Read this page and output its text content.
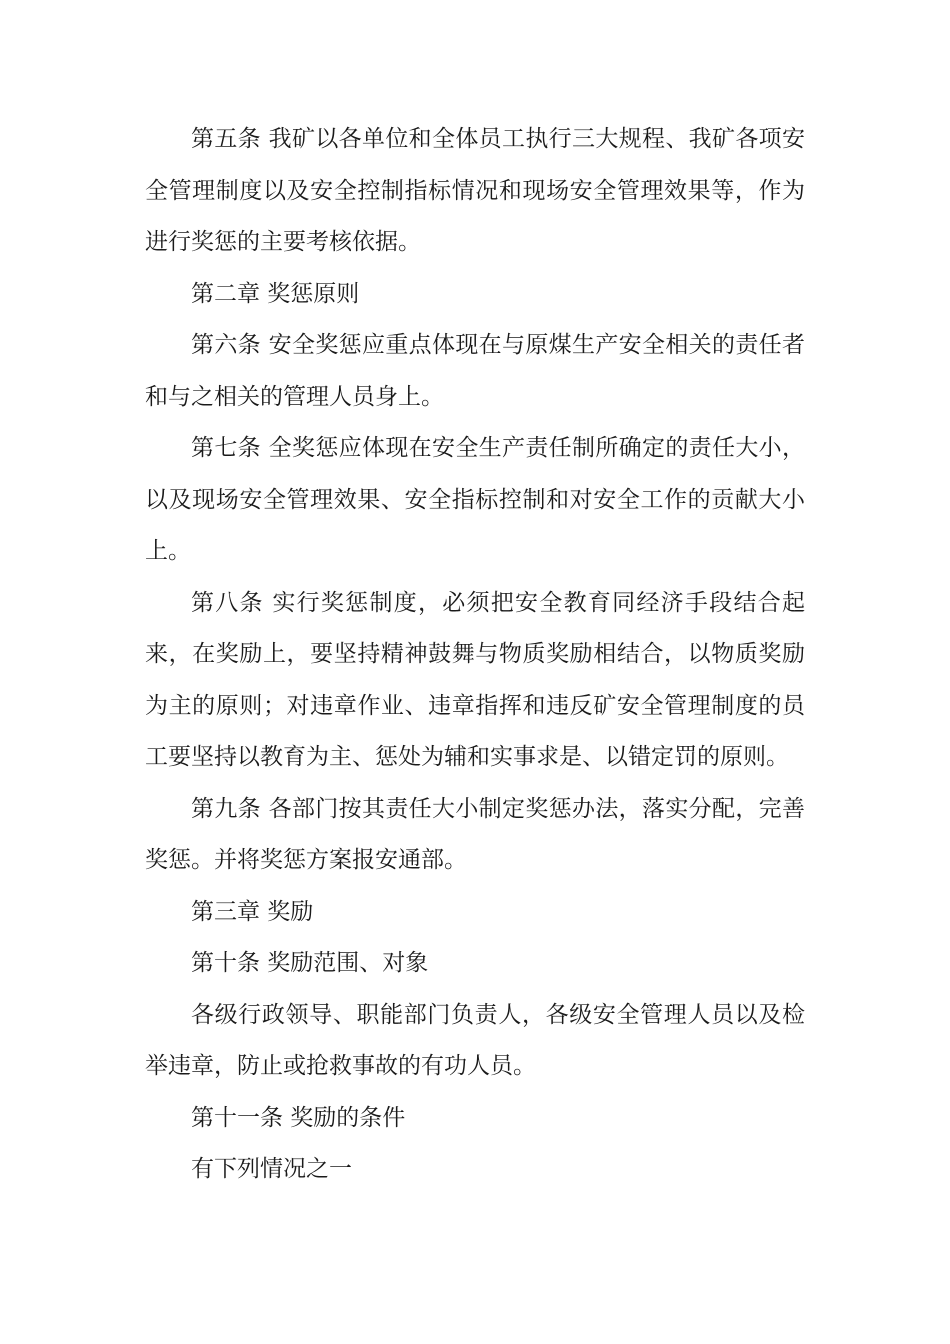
第五条 我矿以各单位和全体员工执行三大规程、我矿各项安全管理制度以及安全控制指标情况和现场安全管理效果等，作为进行奖惩的主要考核依据。

第二章 奖惩原则

第六条 安全奖惩应重点体现在与原煤生产安全相关的责任者和与之相关的管理人员身上。

第七条 全奖惩应体现在安全生产责任制所确定的责任大小，以及现场安全管理效果、安全指标控制和对安全工作的贡献大小上。

第八条 实行奖惩制度，必须把安全教育同经济手段结合起来，在奖励上，要坚持精神鼓舞与物质奖励相结合，以物质奖励为主的原则；对违章作业、违章指挥和违反矿安全管理制度的员工要坚持以教育为主、惩处为辅和实事求是、以错定罚的原则。

第九条 各部门按其责任大小制定奖惩办法，落实分配，完善奖惩。并将奖惩方案报安通部。

第三章 奖励

第十条 奖励范围、对象

各级行政领导、职能部门负责人，各级安全管理人员以及检举违章，防止或抢救事故的有功人员。

第十一条 奖励的条件

有下列情况之一
